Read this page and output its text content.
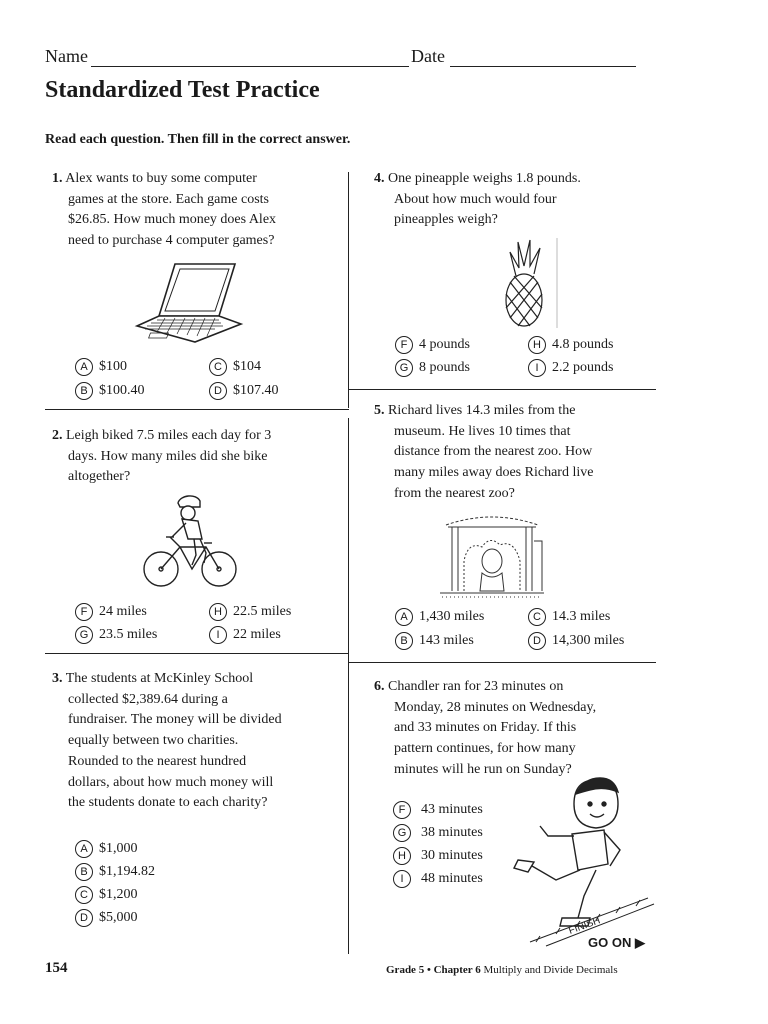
Name	Date
Standardized Test Practice
Read each question. Then fill in the correct answer.
1. Alex wants to buy some computer
games at the store. Each game costs
$26.85. How much money does Alex
need to purchase 4 computer games?
A $100
B $100.40
C $104
D $107.40
2. Leigh biked 7.5 miles each day for 3
days. How many miles did she bike
altogether?
F 24 miles
G 23.5 miles
H 22.5 miles
I 22 miles
3. The students at McKinley School
collected $2,389.64 during a
fundraiser. The money will be divided
equally between two charities.
Rounded to the nearest hundred
dollars, about how much money will
the students donate to each charity?
A $1,000
B $1,194.82
C $1,200
D $5,000
4. One pineapple weighs 1.8 pounds.
About how much would four
pineapples weigh?
F 4 pounds
G 8 pounds
H 4.8 pounds
I 2.2 pounds
5. Richard lives 14.3 miles from the
museum. He lives 10 times that
distance from the nearest zoo. How
many miles away does Richard live
from the nearest zoo?
A 1,430 miles
B 143 miles
C 14.3 miles
D 14,300 miles
6. Chandler ran for 23 minutes on
Monday, 28 minutes on Wednesday,
and 33 minutes on Friday. If this
pattern continues, for how many
minutes will he run on Sunday?
F	43 minutes
G	38 minutes
H	30 minutes
I	48 minutes
FINISH
GO ON ▶
154	Grade 5 • Chapter 6 Multiply and Divide Decimals
